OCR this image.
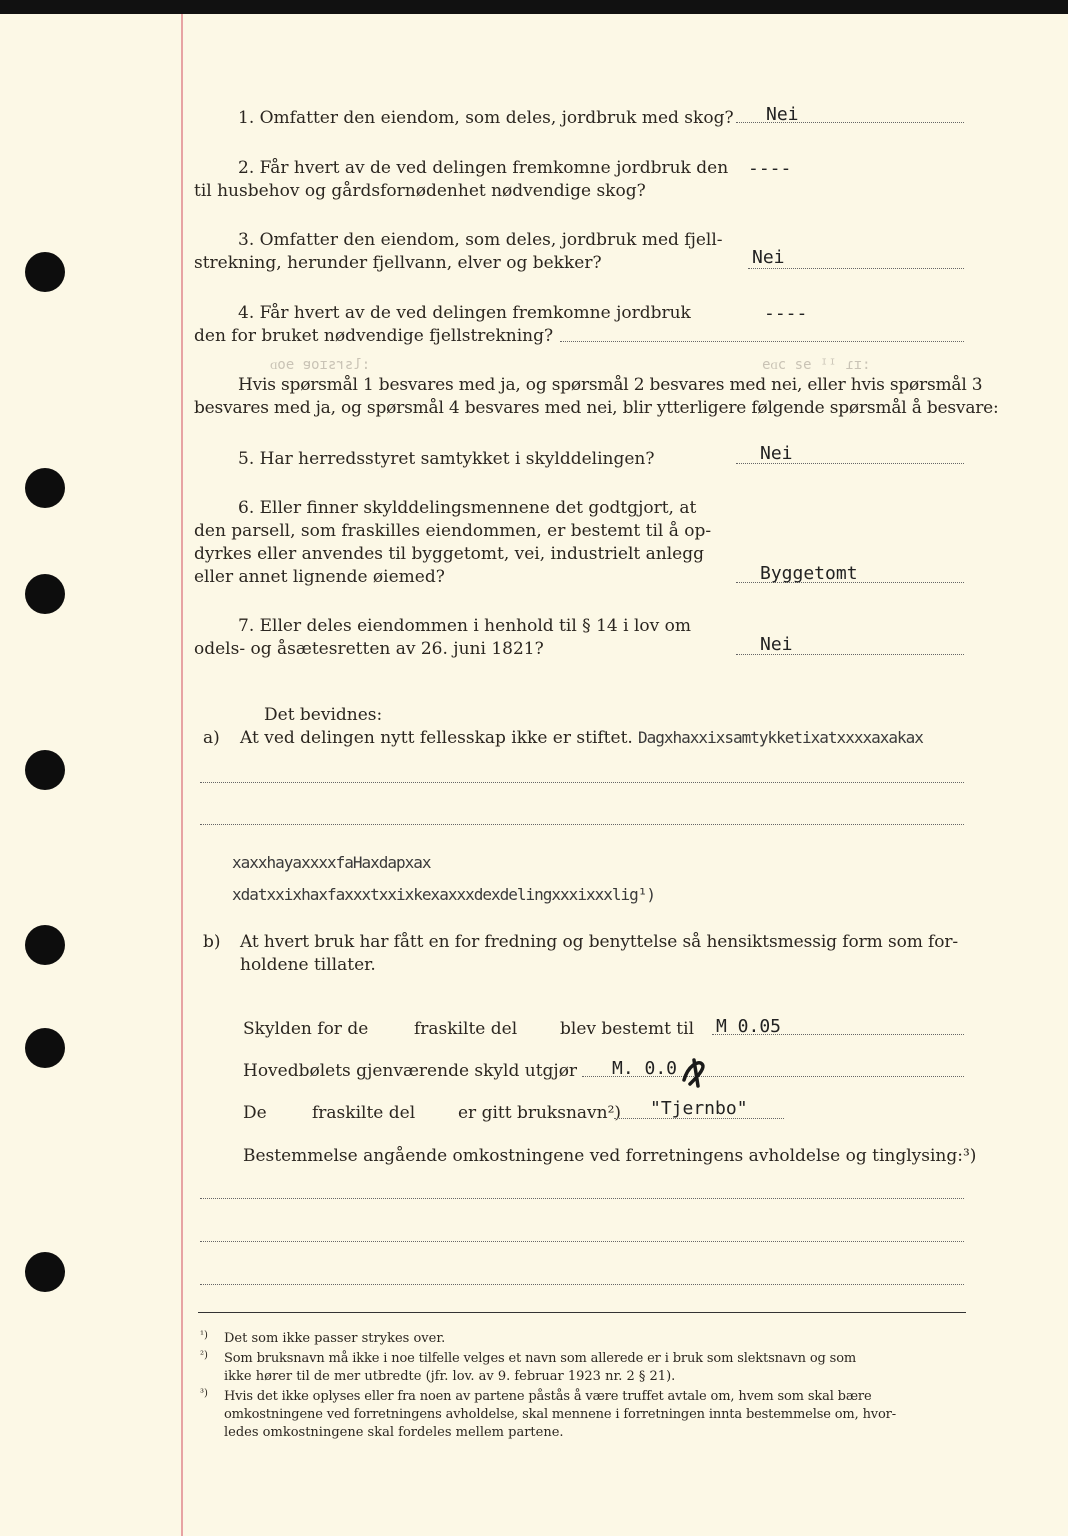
:lsrsɪoɐ ɘoᴅ	:ɪɿ ᴵᴵ ɘƨ ɔᴅɘ
1. Omfatter den eiendom, som deles, jordbruk med skog? Nei
2. Får hvert av de ved delingen fremkomne jordbruk den
til husbehov og gårdsfornødenhet nødvendige skog?
----
3. Omfatter den eiendom, som deles, jordbruk med fjell-
strekning, herunder fjellvann, elver og bekker?	Nei
4. Får hvert av de ved delingen fremkomne jordbruk
den for bruket nødvendige fjellstrekning?
----
Hvis spørsmål 1 besvares med ja, og spørsmål 2 besvares med nei, eller hvis spørsmål 3
besvares med ja, og spørsmål 4 besvares med nei, blir ytterligere følgende spørsmål å besvare:
5. Har herredsstyret samtykket i skylddelingen?	Nei
6. Eller finner skylddelingsmennene det godtgjort, at
den parsell, som fraskilles eiendommen, er bestemt til å op-
dyrkes eller anvendes til byggetomt, vei, industrielt anlegg
eller annet lignende øiemed?	Byggetomt
7. Eller deles eiendommen i henhold til § 14 i lov om
odels- og åsætesretten av 26. juni 1821?	Nei
Det bevidnes:
a) At ved delingen nytt fellesskap ikke er stiftet. Dagxhaxxixsamtykketixatxxxxaxakax
xaxxhayaxxxxfaHaxdapxax
xdatxxixhaxfaxxxtxxixkexaxxxdexdelingxxxixxxlig¹)
b) At hvert bruk har fått en for fredning og benyttelse så hensiktsmessig form som for-
holdene tillater.
Skylden for de	fraskilte del	blev bestemt til M 0.05
Hovedbølets gjenværende skyld utgjør M. 0.0
De	fraskilte del	er gitt bruksnavn²) "Tjernbo"
Bestemmelse angående omkostningene ved forretningens avholdelse og tinglysing:³)
¹) Det som ikke passer strykes over.
²) Som bruksnavn må ikke i noe tilfelle velges et navn som allerede er i bruk som slektsnavn og som
ikke hører til de mer utbredte (jfr. lov. av 9. februar 1923 nr. 2 § 21).
³) Hvis det ikke oplyses eller fra noen av partene påstås å være truffet avtale om, hvem som skal bære
omkostningene ved forretningens avholdelse, skal mennene i forretningen innta bestemmelse om, hvor-
ledes omkostningene skal fordeles mellem partene.
